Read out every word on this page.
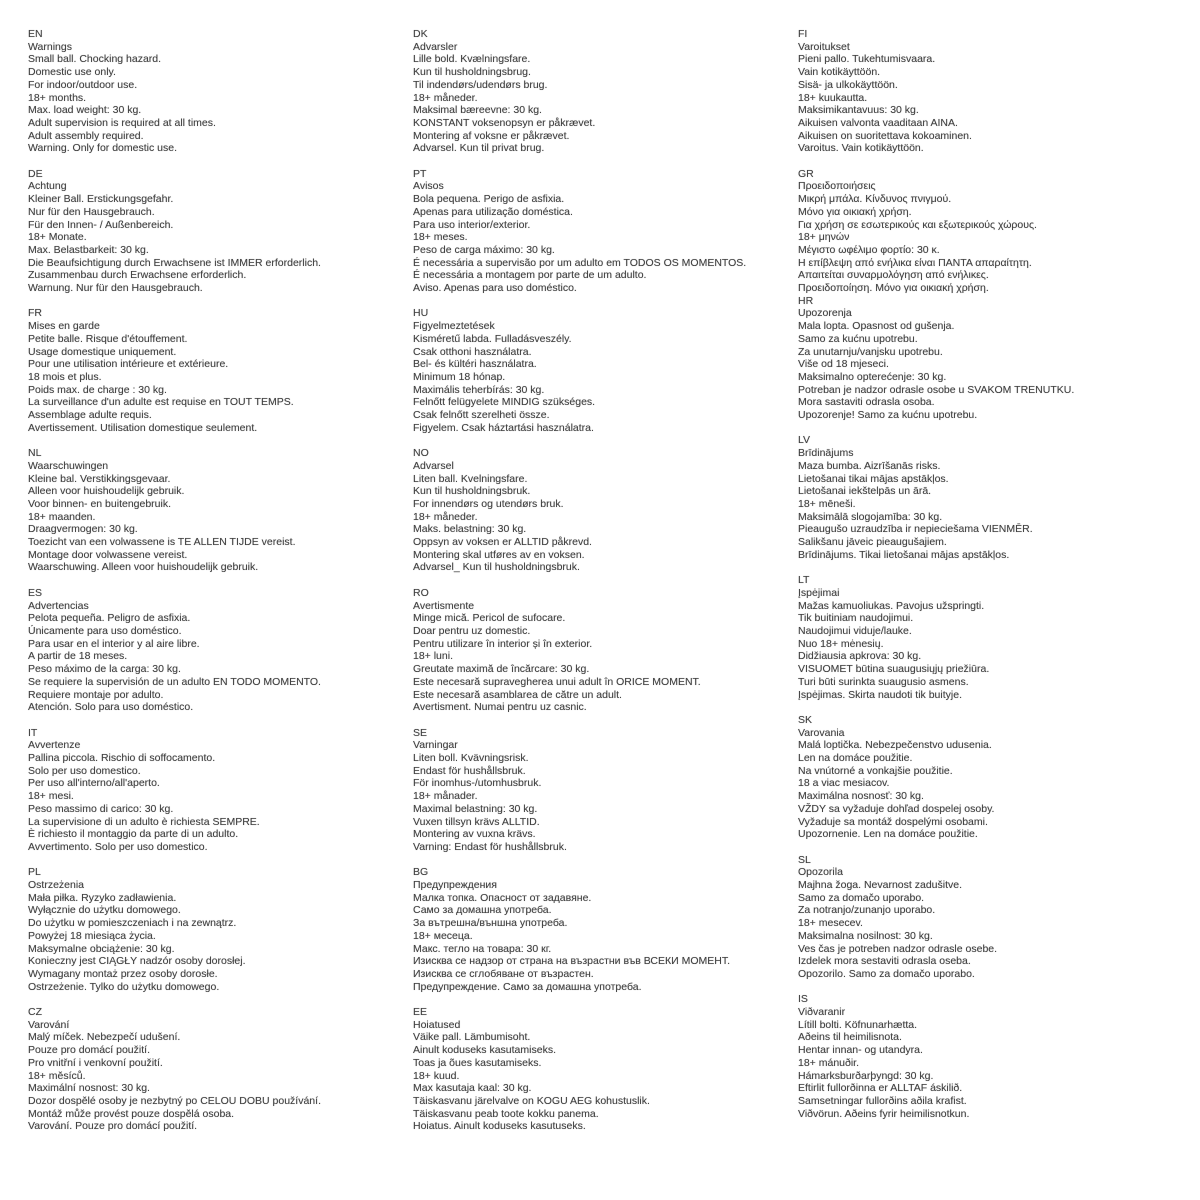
EN
Warnings
Small ball. Chocking hazard.
Domestic use only.
For indoor/outdoor use.
18+ months.
Max. load weight: 30 kg.
Adult supervision is required at all times.
Adult assembly required.
Warning. Only for domestic use.
DE
Achtung
Kleiner Ball. Erstickungsgefahr.
Nur für den Hausgebrauch.
Für den Innen- / Außenbereich.
18+ Monate.
Max. Belastbarkeit: 30 kg.
Die Beaufsichtigung durch Erwachsene ist IMMER erforderlich.
Zusammenbau durch Erwachsene erforderlich.
Warnung. Nur für den Hausgebrauch.
FR
Mises en garde
Petite balle. Risque d'étouffement.
Usage domestique uniquement.
Pour une utilisation intérieure et extérieure.
18 mois et plus.
Poids max. de charge : 30 kg.
La surveillance d'un adulte est requise en TOUT TEMPS.
Assemblage adulte requis.
Avertissement. Utilisation domestique seulement.
NL
Waarschuwingen
Kleine bal. Verstikkingsgevaar.
Alleen voor huishoudelijk gebruik.
Voor binnen- en buitengebruik.
18+ maanden.
Draagvermogen: 30 kg.
Toezicht van een volwassene is TE ALLEN TIJDE vereist.
Montage door volwassene vereist.
Waarschuwing. Alleen voor huishoudelijk gebruik.
ES
Advertencias
Pelota pequeña. Peligro de asfixia.
Únicamente para uso doméstico.
Para usar en el interior y al aire libre.
A partir de 18 meses.
Peso máximo de la carga: 30 kg.
Se requiere la supervisión de un adulto EN TODO MOMENTO.
Requiere montaje por adulto.
Atención. Solo para uso doméstico.
IT
Avvertenze
Pallina piccola. Rischio di soffocamento.
Solo per uso domestico.
Per uso all'interno/all'aperto.
18+ mesi.
Peso massimo di carico: 30 kg.
La supervisione di un adulto è richiesta SEMPRE.
È richiesto il montaggio da parte di un adulto.
Avvertimento. Solo per uso domestico.
PL
Ostrzeżenia
Mała piłka. Ryzyko zadławienia.
Wyłącznie do użytku domowego.
Do użytku w pomieszczeniach i na zewnątrz.
Powyżej 18 miesiąca życia.
Maksymalne obciążenie: 30 kg.
Konieczny jest CIĄGŁY nadzór osoby dorosłej.
Wymagany montaż przez osoby dorosłe.
Ostrzeżenie. Tylko do użytku domowego.
CZ
Varování
Malý míček. Nebezpečí udušení.
Pouze pro domácí použití.
Pro vnitřní i venkovní použití.
18+ měsíců.
Maximální nosnost: 30 kg.
Dozor dospělé osoby je nezbytný po CELOU DOBU používání.
Montáž může provést pouze dospělá osoba.
Varování. Pouze pro domácí použití.
DK
Advarsler
Lille bold. Kvælningsfare.
Kun til husholdningsbrug.
Til indendørs/udendørs brug.
18+ måneder.
Maksimal bæreevne: 30 kg.
KONSTANT voksenopsyn er påkrævet.
Montering af voksne er påkrævet.
Advarsel. Kun til privat brug.
PT
Avisos
Bola pequena. Perigo de asfixia.
Apenas para utilização doméstica.
Para uso interior/exterior.
18+ meses.
Peso de carga máximo: 30 kg.
É necessária a supervisão por um adulto em TODOS OS MOMENTOS.
É necessária a montagem por parte de um adulto.
Aviso. Apenas para uso doméstico.
HU
Figyelmeztetések
Kisméretű labda. Fulladásveszély.
Csak otthoni használatra.
Bel- és kültéri használatra.
Minimum 18 hónap.
Maximális teherbírás: 30 kg.
Felnőtt felügyelete MINDIG szükséges.
Csak felnőtt szerelheti össze.
Figyelem. Csak háztartási használatra.
NO
Advarsel
Liten ball. Kvelningsfare.
Kun til husholdningsbruk.
For innendørs og utendørs bruk.
18+ måneder.
Maks. belastning: 30 kg.
Oppsyn av voksen er ALLTID påkrevd.
Montering skal utføres av en voksen.
Advarsel_ Kun til husholdningsbruk.
RO
Avertismente
Minge mică. Pericol de sufocare.
Doar pentru uz domestic.
Pentru utilizare în interior și în exterior.
18+ luni.
Greutate maximă de încărcare: 30 kg.
Este necesară supravegherea unui adult în ORICE MOMENT.
Este necesară asamblarea de către un adult.
Avertisment. Numai pentru uz casnic.
SE
Varningar
Liten boll. Kvävningsrisk.
Endast för hushållsbruk.
För inomhus-/utomhusbruk.
18+ månader.
Maximal belastning: 30 kg.
Vuxen tillsyn krävs ALLTID.
Montering av vuxna krävs.
Varning: Endast för hushållsbruk.
BG
Предупреждения
Малка топка. Опасност от задавяне.
Само за домашна употреба.
За вътрешна/външна употреба.
18+ месеца.
Макс. тегло на товара: 30 кг.
Изисква се надзор от страна на възрастни във ВСЕКИ МОМЕНТ.
Изисква се сглобяване от възрастен.
Предупреждение. Само за домашна употреба.
EE
Hoiatused
Väike pall. Lämbumisoht.
Ainult koduseks kasutamiseks.
Toas ja õues kasutamiseks.
18+ kuud.
Max kasutaja kaal: 30 kg.
Täiskasvanu järelvalve on KOGU AEG kohustuslik.
Täiskasvanu peab toote kokku panema.
Hoiatus. Ainult koduseks kasutuseks.
FI
Varoitukset
Pieni pallo. Tukehtumisvaara.
Vain kotikäyttöön.
Sisä- ja ulkokäyttöön.
18+ kuukautta.
Maksimikantavuus: 30 kg.
Aikuisen valvonta vaaditaan AINA.
Aikuisen on suoritettava kokoaminen.
Varoitus. Vain kotikäyttöön.
GR
Προειδοποιήσεις
Μικρή μπάλα. Κίνδυνος πνιγμού.
Μόνο για οικιακή χρήση.
Για χρήση σε εσωτερικούς και εξωτερικούς χώρους.
18+ μηνών
Μέγιστο ωφέλιμο φορτίο: 30 κ.
Η επίβλεψη από ενήλικα είναι ΠΑΝΤΑ απαραίτητη.
Απαιτείται συναρμολόγηση από ενήλικες.
Προειδοποίηση. Μόνο για οικιακή χρήση.
HR
Upozorenja
Mala lopta. Opasnost od gušenja.
Samo za kućnu upotrebu.
Za unutarnju/vanjsku upotrebu.
Više od 18 mjeseci.
Maksimalno opterećenje: 30 kg.
Potreban je nadzor odrasle osobe u SVAKOM TRENUTKU.
Mora sastaviti odrasla osoba.
Upozorenje! Samo za kućnu upotrebu.
LV
Brīdinājums
Maza bumba. Aizrīšanās risks.
Lietošanai tikai mājas apstākļos.
Lietošanai iekštelpās un ārā.
18+ mēneši.
Maksimālā slogojamība: 30 kg.
Pieaugušo uzraudzība ir nepieciešama VIENMĒR.
Salikšanu jāveic pieaugušajiem.
Brīdinājums. Tikai lietošanai mājas apstākļos.
LT
Įspėjimai
Mažas kamuoliukas. Pavojus užspringti.
Tik buitiniam naudojimui.
Naudojimui viduje/lauke.
Nuo 18+ mėnesių.
Didžiausia apkrova: 30 kg.
VISUOMET būtina suaugusiųjų priežiūra.
Turi būti surinkta suaugusio asmens.
Įspėjimas. Skirta naudoti tik buityje.
SK
Varovania
Malá loptička. Nebezpečenstvo udusenia.
Len na domáce použitie.
Na vnútorné a vonkajšie použitie.
18 a viac mesiacov.
Maximálna nosnosť: 30 kg.
VŽDY sa vyžaduje dohľad dospelej osoby.
Vyžaduje sa montáž dospelými osobami.
Upozornenie. Len na domáce použitie.
SL
Opozorila
Majhna žoga. Nevarnost zadušitve.
Samo za domačo uporabo.
Za notranjo/zunanjo uporabo.
18+ mesecev.
Maksimalna nosilnost: 30 kg.
Ves čas je potreben nadzor odrasle osebe.
Izdelek mora sestaviti odrasla oseba.
Opozorilo. Samo za domačo uporabo.
IS
Viðvaranir
Lítill bolti. Köfnunarhætta.
Aðeins til heimilisnota.
Hentar innan- og utandyra.
18+ mánuðir.
Hámarksburðarþyngd: 30 kg.
Eftirlit fullorðinna er ALLTAF áskilið.
Samsetningar fullorðins aðila krafist.
Viðvörun. Aðeins fyrir heimilisnotkun.
